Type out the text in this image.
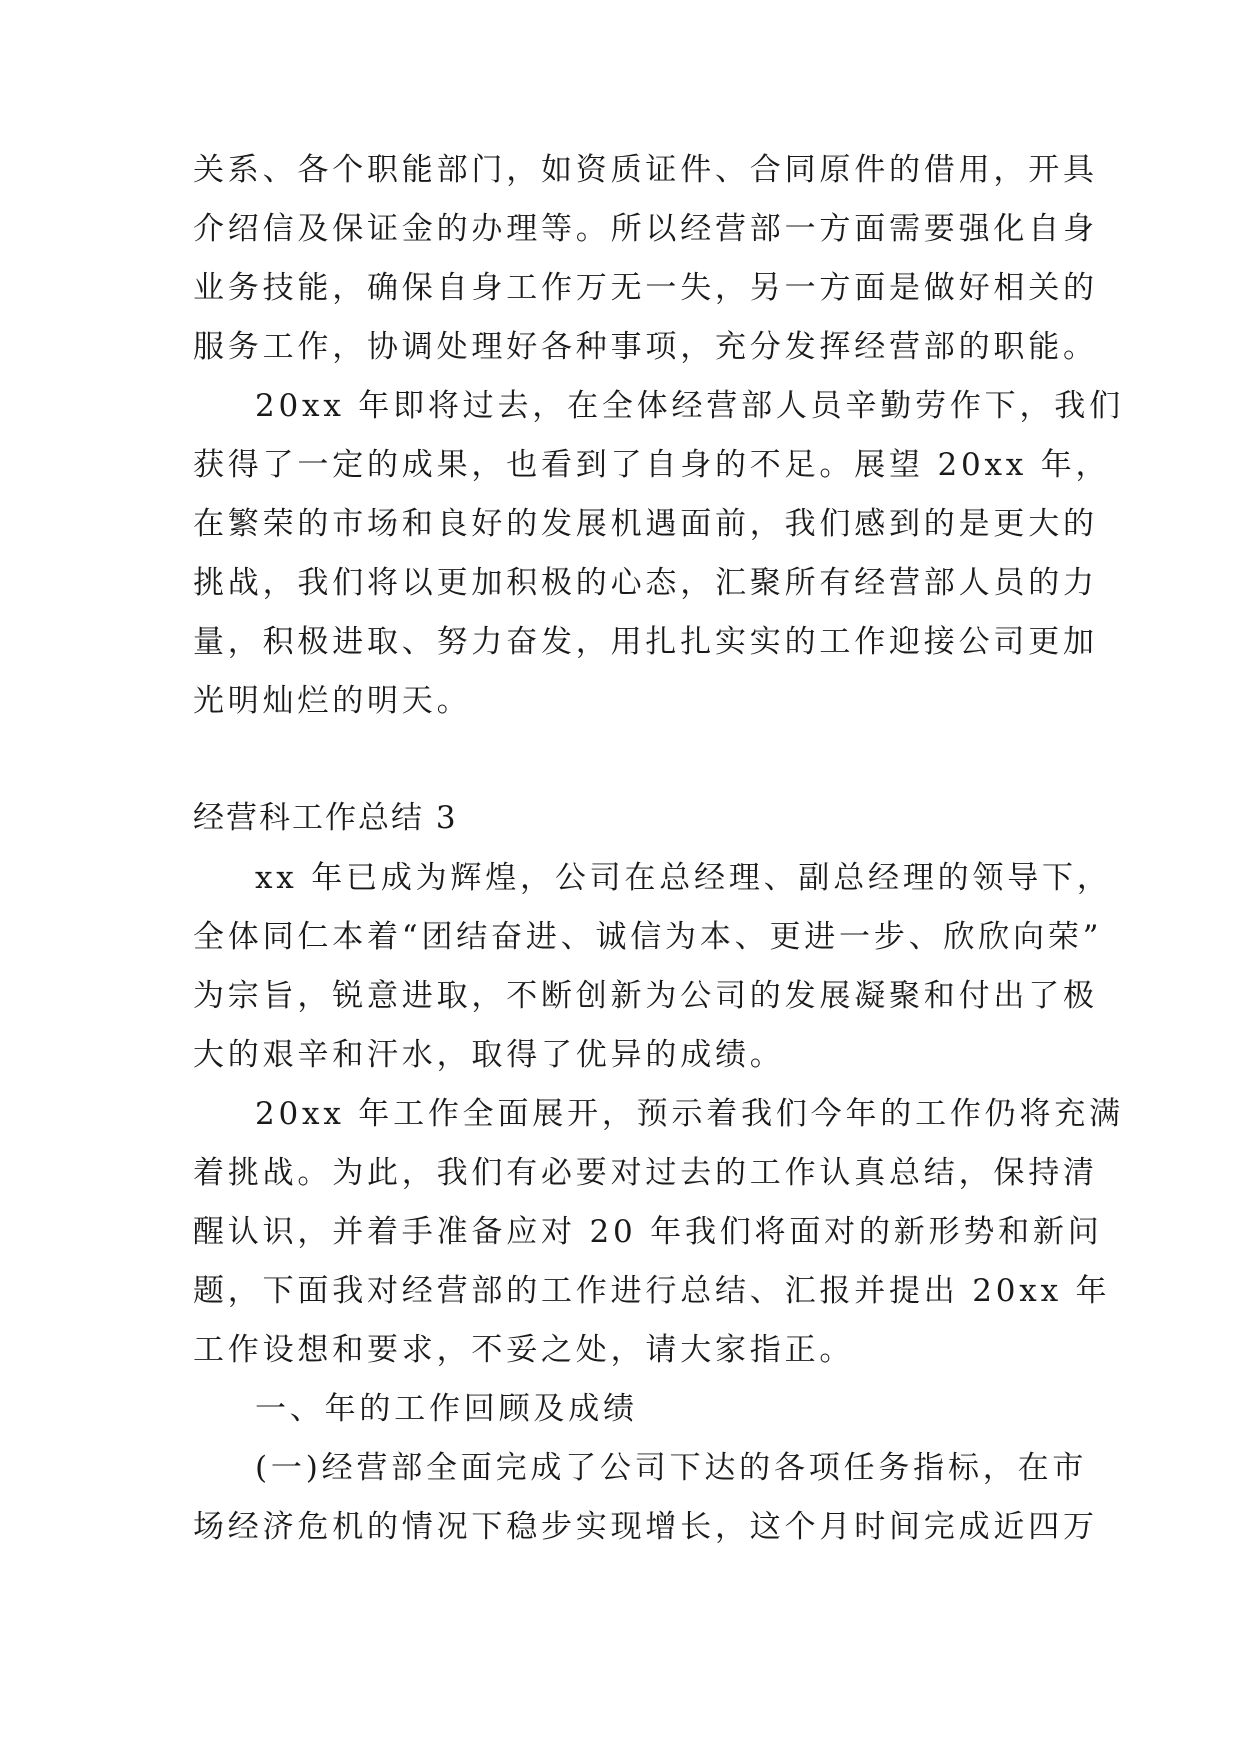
关系、各个职能部门，如资质证件、合同原件的借用，开具
介绍信及保证金的办理等。所以经营部一方面需要强化自身
业务技能，确保自身工作万无一失，另一方面是做好相关的
服务工作，协调处理好各种事项，充分发挥经营部的职能。
20xx 年即将过去，在全体经营部人员辛勤劳作下，我们
获得了一定的成果，也看到了自身的不足。展望 20xx 年，
在繁荣的市场和良好的发展机遇面前，我们感到的是更大的
挑战，我们将以更加积极的心态，汇聚所有经营部人员的力
量，积极进取、努力奋发，用扎扎实实的工作迎接公司更加
光明灿烂的明天。
经营科工作总结 3
xx 年已成为辉煌，公司在总经理、副总经理的领导下，
全体同仁本着“团结奋进、诚信为本、更进一步、欣欣向荣”
为宗旨，锐意进取，不断创新为公司的发展凝聚和付出了极
大的艰辛和汗水，取得了优异的成绩。
20xx 年工作全面展开，预示着我们今年的工作仍将充满
着挑战。为此，我们有必要对过去的工作认真总结，保持清
醒认识，并着手准备应对 20 年我们将面对的新形势和新问
题，下面我对经营部的工作进行总结、汇报并提出 20xx 年
工作设想和要求，不妥之处，请大家指正。
一、年的工作回顾及成绩
(一)经营部全面完成了公司下达的各项任务指标，在市
场经济危机的情况下稳步实现增长，这个月时间完成近四万
